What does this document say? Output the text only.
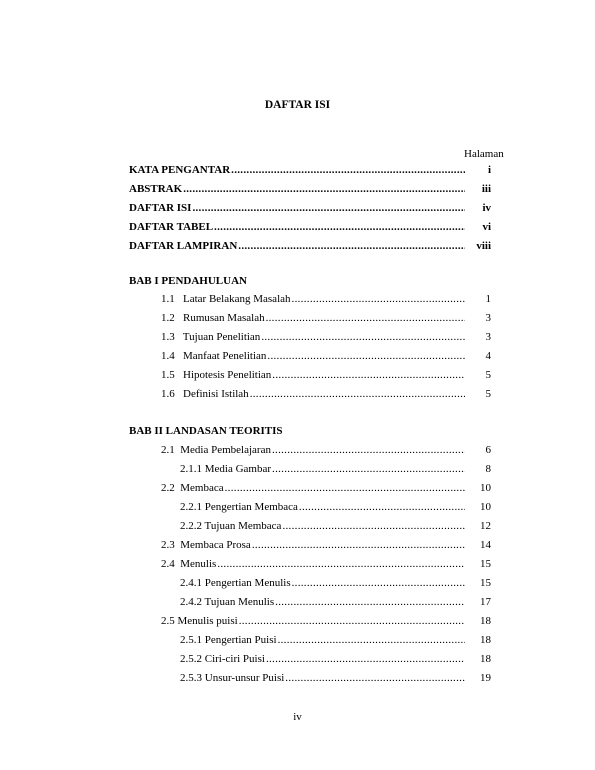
DAFTAR ISI
Halaman
KATA PENGANTAR .....	i
ABSTRAK .....	iii
DAFTAR ISI .....	iv
DAFTAR TABEL .....	vi
DAFTAR LAMPIRAN .....	viii
BAB I PENDAHULUAN
1.1   Latar Belakang Masalah .....	1
1.2   Rumusan Masalah .....	3
1.3   Tujuan Penelitian .....	3
1.4   Manfaat Penelitian .....	4
1.5   Hipotesis Penelitian .....	5
1.6   Definisi Istilah .....	5
BAB II LANDASAN TEORITIS
2.1  Media Pembelajaran .....	6
2.1.1 Media Gambar .....	8
2.2  Membaca .....	10
2.2.1 Pengertian Membaca .....	10
2.2.2 Tujuan Membaca .....	12
2.3  Membaca Prosa .....	14
2.4  Menulis .....	15
2.4.1 Pengertian Menulis .....	15
2.4.2 Tujuan Menulis .....	17
2.5 Menulis puisi .....	18
2.5.1 Pengertian Puisi .....	18
2.5.2 Ciri-ciri Puisi .....	18
2.5.3 Unsur-unsur Puisi .....	19
iv
